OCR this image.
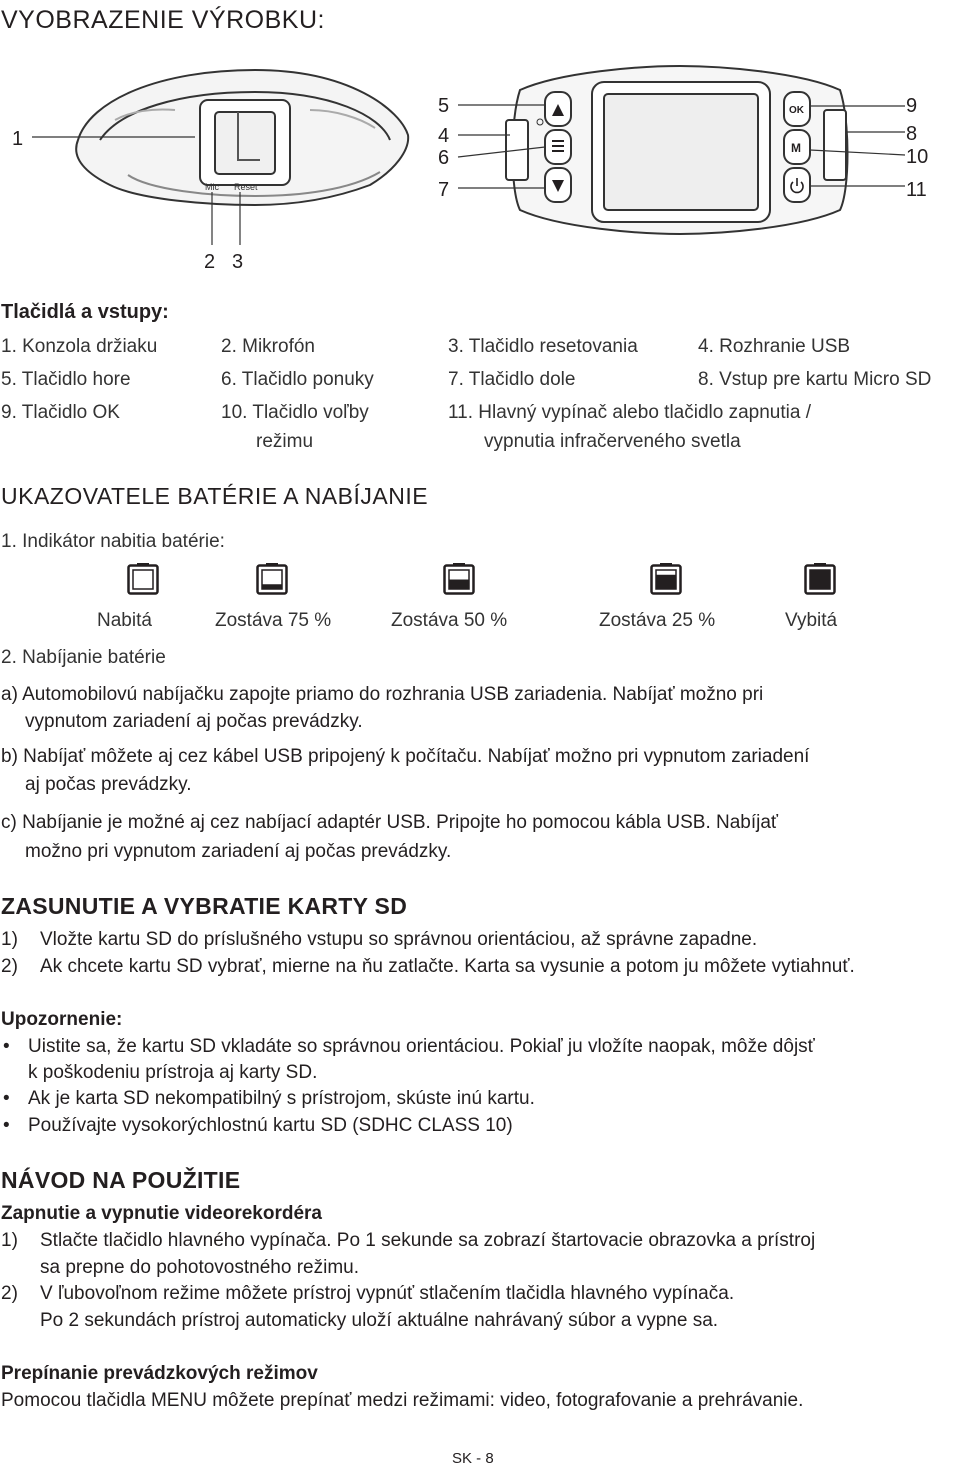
VYOBRAZENIE VÝROBKU:
Mic Reset
1
2 3
OK
M
5
4
6
7
9
8
10
11
Tlačidlá a vstupy:
1. Konzola držiaku	2. Mikrofón	3. Tlačidlo resetovania	4. Rozhranie USB
5. Tlačidlo hore	6. Tlačidlo ponuky	7. Tlačidlo dole	8. Vstup pre kartu Micro SD
9. Tlačidlo OK	10. Tlačidlo voľby
režimu
11. Hlavný vypínač alebo tlačidlo zapnutia /
vypnutia infračerveného svetla
UKAZOVATELE BATÉRIE A NABÍJANIE
1. Indikátor nabitia batérie:
Nabitá	Zostáva 75 %	Zostáva 50 %	Zostáva 25 %	Vybitá
2. Nabíjanie batérie
a) Automobilovú nabíjačku zapojte priamo do rozhrania USB zariadenia. Nabíjať možno pri
vypnutom zariadení aj počas prevádzky.
b) Nabíjať môžete aj cez kábel USB pripojený k počítaču. Nabíjať možno pri vypnutom zariadení
aj počas prevádzky.
c) Nabíjanie je možné aj cez nabíjací adaptér USB. Pripojte ho pomocou kábla USB. Nabíjať
možno pri vypnutom zariadení aj počas prevádzky.
ZASUNUTIE A VYBRATIE KARTY SD
1) Vložte kartu SD do príslušného vstupu so správnou orientáciou, až správne zapadne.
2) Ak chcete kartu SD vybrať, mierne na ňu zatlačte. Karta sa vysunie a potom ju môžete vytiahnuť.
Upozornenie:
• Uistite sa, že kartu SD vkladáte so správnou orientáciou. Pokiaľ ju vložíte naopak, môže dôjsť
k poškodeniu prístroja aj karty SD.
• Ak je karta SD nekompatibilný s prístrojom, skúste inú kartu.
• Používajte vysokorýchlostnú kartu SD (SDHC CLASS 10)
NÁVOD NA POUŽITIE
Zapnutie a vypnutie videorekordéra
1) Stlačte tlačidlo hlavného vypínača. Po 1 sekunde sa zobrazí štartovacie obrazovka a prístroj
sa prepne do pohotovostného režimu.
2) V ľubovoľnom režime môžete prístroj vypnúť stlačením tlačidla hlavného vypínača.
Po 2 sekundách prístroj automaticky uloží aktuálne nahrávaný súbor a vypne sa.
Prepínanie prevádzkových režimov
Pomocou tlačidla MENU môžete prepínať medzi režimami: video, fotografovanie a prehrávanie.
SK - 8
